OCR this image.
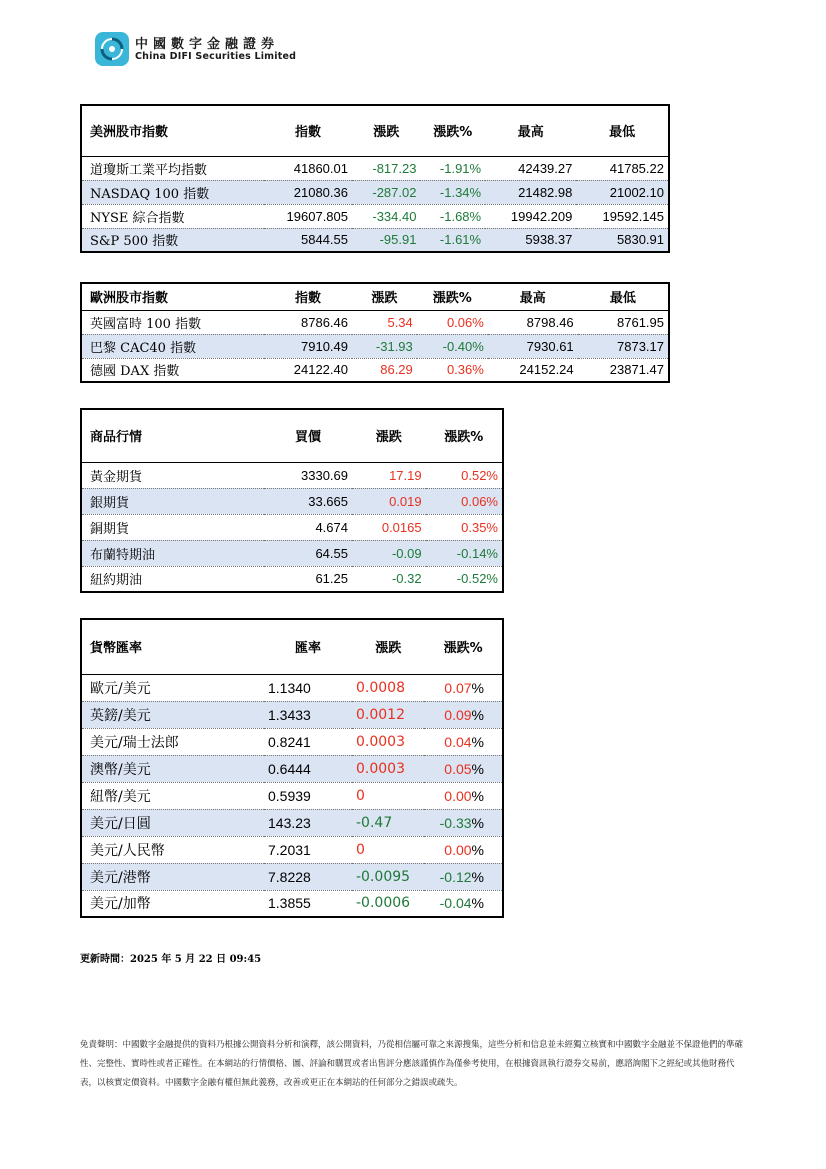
中國數字金融證券
China DIFI Securities Limited
美洲股市指數	指數	漲跌	漲跌%	最高	最低
道瓊斯工業平均指數	41860.01	-817.23	-1.91%	42439.27	41785.22
NASDAQ 100 指數	21080.36	-287.02	-1.34%	21482.98	21002.10
NYSE 綜合指數	19607.805	-334.40	-1.68%	19942.209	19592.145
S&P 500 指數	5844.55	-95.91	-1.61%	5938.37	5830.91
歐洲股市指數	指數	漲跌	漲跌%	最高	最低
英國富時 100 指數	8786.46	5.34	0.06%	8798.46	8761.95
巴黎 CAC40 指數	7910.49	-31.93	-0.40%	7930.61	7873.17
德國 DAX 指數	24122.40	86.29	0.36%	24152.24	23871.47
商品行情	買價	漲跌	漲跌%
黃金期貨	3330.69	17.19	0.52%
銀期貨	33.665	0.019	0.06%
銅期貨	4.674	0.0165	0.35%
布蘭特期油	64.55	-0.09	-0.14%
紐約期油	61.25	-0.32	-0.52%
貨幣匯率	匯率	漲跌	漲跌%
歐元/美元	1.1340	0.0008	0.07%
英鎊/美元	1.3433	0.0012	0.09%
美元/瑞士法郎	0.8241	0.0003	0.04%
澳幣/美元	0.6444	0.0003	0.05%
紐幣/美元	0.5939	0	0.00%
美元/日圓	143.23	-0.47	-0.33%
美元/人民幣	7.2031	0	0.00%
美元/港幣	7.8228	-0.0095	-0.12%
美元/加幣	1.3855	-0.0006	-0.04%
更新時間：2025 年 5 月 22 日 09:45
免責聲明：中國數字金融提供的資料乃根據公開資料分析和演釋，該公開資料，乃從相信屬可靠之來源搜集，這些分析和信息並未經獨立核實和中國數字金融並不保證他們的準確性、完整性、實時性或者正確性。在本網站的行情價格、圖、評論和購買或者出售評分應該謹慎作為僅參考使用，在根據資訊執行證券交易前，應諮詢閣下之經紀或其他財務代表，以核實定價資料。中國數字金融有權但無此義務，改善或更正在本網站的任何部分之錯誤或疏失。
